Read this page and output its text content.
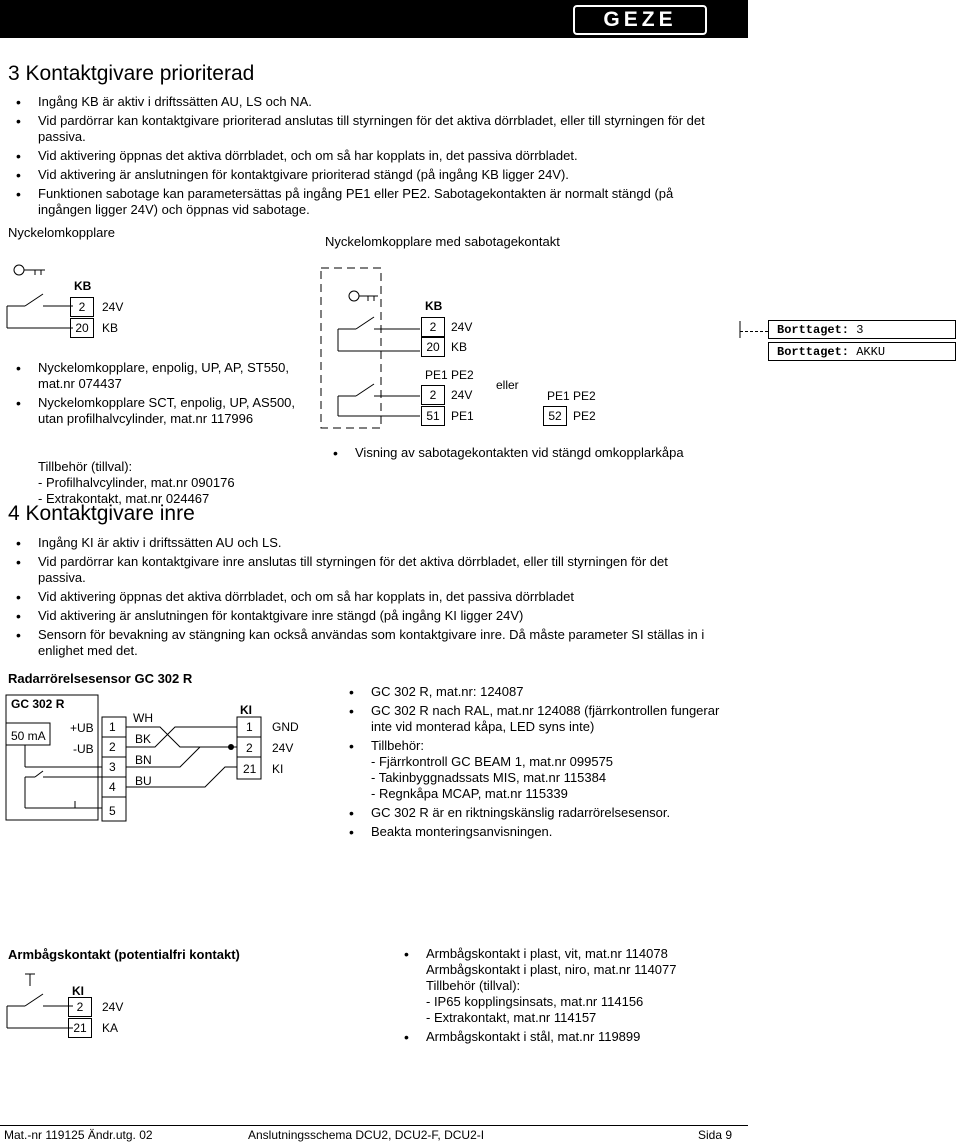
GEZE
3 Kontaktgivare prioriterad
• Ingång KB är aktiv i driftssätten AU, LS och NA.
• Vid pardörrar kan kontaktgivare prioriterad anslutas till styrningen för det aktiva dörrbladet, eller till styrningen för det passiva.
• Vid aktivering öppnas det aktiva dörrbladet, och om så har kopplats in, det passiva dörrbladet.
• Vid aktivering är anslutningen för kontaktgivare prioriterad stängd (på ingång KB ligger 24V).
• Funktionen sabotage kan parametersättas på ingång PE1 eller PE2. Sabotagekontakten är normalt stängd (på ingången ligger 24V) och öppnas vid sabotage.
Nyckelomkopplare
Nyckelomkopplare med sabotagekontakt
KB
2	24V
20	KB
• Nyckelomkopplare, enpolig, UP, AP, ST550, mat.nr 074437
• Nyckelomkopplare SCT, enpolig, UP, AS500, utan profilhalvcylinder, mat.nr 117996
Tillbehör (tillval):
- Profilhalvcylinder, mat.nr 090176
- Extrakontakt, mat.nr 024467
KB
2	24V
20 KB
PE1 PE2
2	24V
51 PE1
eller
PE1 PE2
52 PE2
• Visning av sabotagekontakten vid stängd omkopplarkåpa
Borttaget: 3
Borttaget: AKKU
4 Kontaktgivare inre
• Ingång KI är aktiv i driftssätten AU och LS.
• Vid pardörrar kan kontaktgivare inre anslutas till styrningen för det aktiva dörrbladet, eller till styrningen för det passiva.
• Vid aktivering öppnas det aktiva dörrbladet, och om så har kopplats in, det passiva dörrbladet
• Vid aktivering är anslutningen för kontaktgivare inre stängd (på ingång KI ligger 24V)
• Sensorn för bevakning av stängning kan också användas som kontaktgivare inre. Då måste parameter SI ställas in i enlighet med det.
Radarrörelsesensor GC 302 R
GC 302 R
50 mA
+UB
-UB
1
2
3
4
5
WH
BK
BN
BU
KI
1 GND
2 24V
21 KI
• GC 302 R, mat.nr: 124087
• GC 302 R nach RAL, mat.nr 124088 (fjärrkontrollen fungerar inte vid monterad kåpa, LED syns inte)
• Tillbehör:
- Fjärrkontroll GC BEAM 1, mat.nr 099575
- Takinbyggnadssats MIS, mat.nr 115384
- Regnkåpa MCAP, mat.nr 115339
• GC 302 R är en riktningskänslig radarrörelsesensor.
• Beakta monteringsanvisningen.
Armbågskontakt (potentialfri kontakt)
KI
2	24V
21	KA
• Armbågskontakt i plast, vit, mat.nr 114078
Armbågskontakt i plast, niro, mat.nr 114077
Tillbehör (tillval):
- IP65 kopplingsinsats, mat.nr 114156
- Extrakontakt, mat.nr 114157
• Armbågskontakt i stål, mat.nr 119899
Mat.-nr 119125 Ändr.utg. 02	Anslutningsschema DCU2, DCU2-F, DCU2-I	Sida 9
